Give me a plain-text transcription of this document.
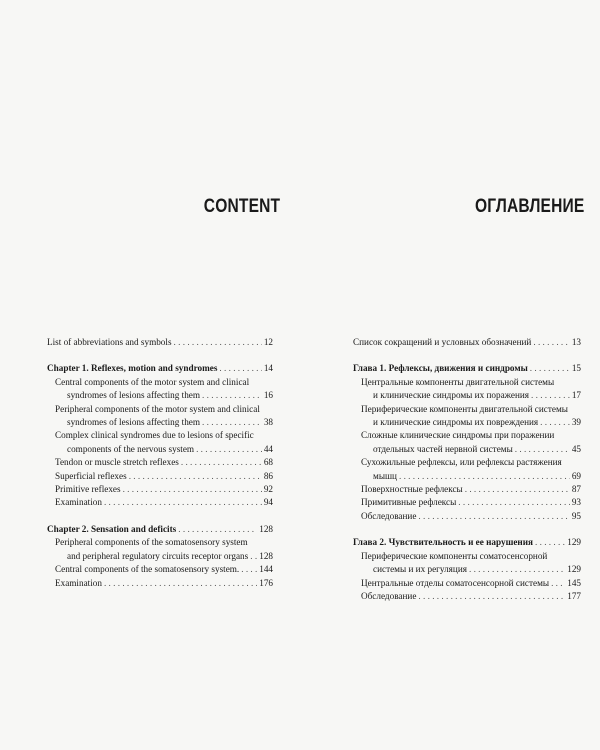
CONTENT
List of abbreviations and symbols . . .	12
Chapter 1. Reflexes, motion and syndromes . . .	14
Central components of the motor system and clinical
syndromes of lesions affecting them . . .	16
Peripheral components of the motor system and clinical
syndromes of lesions affecting them . . .	38
Complex clinical syndromes due to lesions of specific
components of the nervous system . . .	44
Tendon or muscle stretch reflexes . . .	68
Superficial reflexes . . .	86
Primitive reflexes . . .	92
Examination . . .	94
Chapter 2. Sensation and deficits . . .	128
Peripheral components of the somatosensory system
and peripheral regulatory circuits receptor organs . . . 128
Central components of the somatosensory system. . . . 144
Examination . . .	176
ОГЛАВЛЕНИЕ
Список сокращений и условных обозначений . . .	13
Глава 1. Рефлексы, движения и синдромы . . .	15
Центральные компоненты двигательной системы
и клинические синдромы их поражения . . .	17
Периферические компоненты двигательной системы
и клинические синдромы их повреждения . . .	39
Сложные клинические синдромы при поражении
отдельных частей нервной системы . . .	45
Сухожильные рефлексы, или рефлексы растяжения
мышц . . .	69
Поверхностные рефлексы . . .	87
Примитивные рефлексы . . .	93
Обследование . . .	95
Глава 2. Чувствительность и ее нарушения . . .	129
Периферические компоненты соматосенсорной
системы и их регуляция . . .	129
Центральные отделы соматосенсорной системы . . . 145
Обследование . . .	177
